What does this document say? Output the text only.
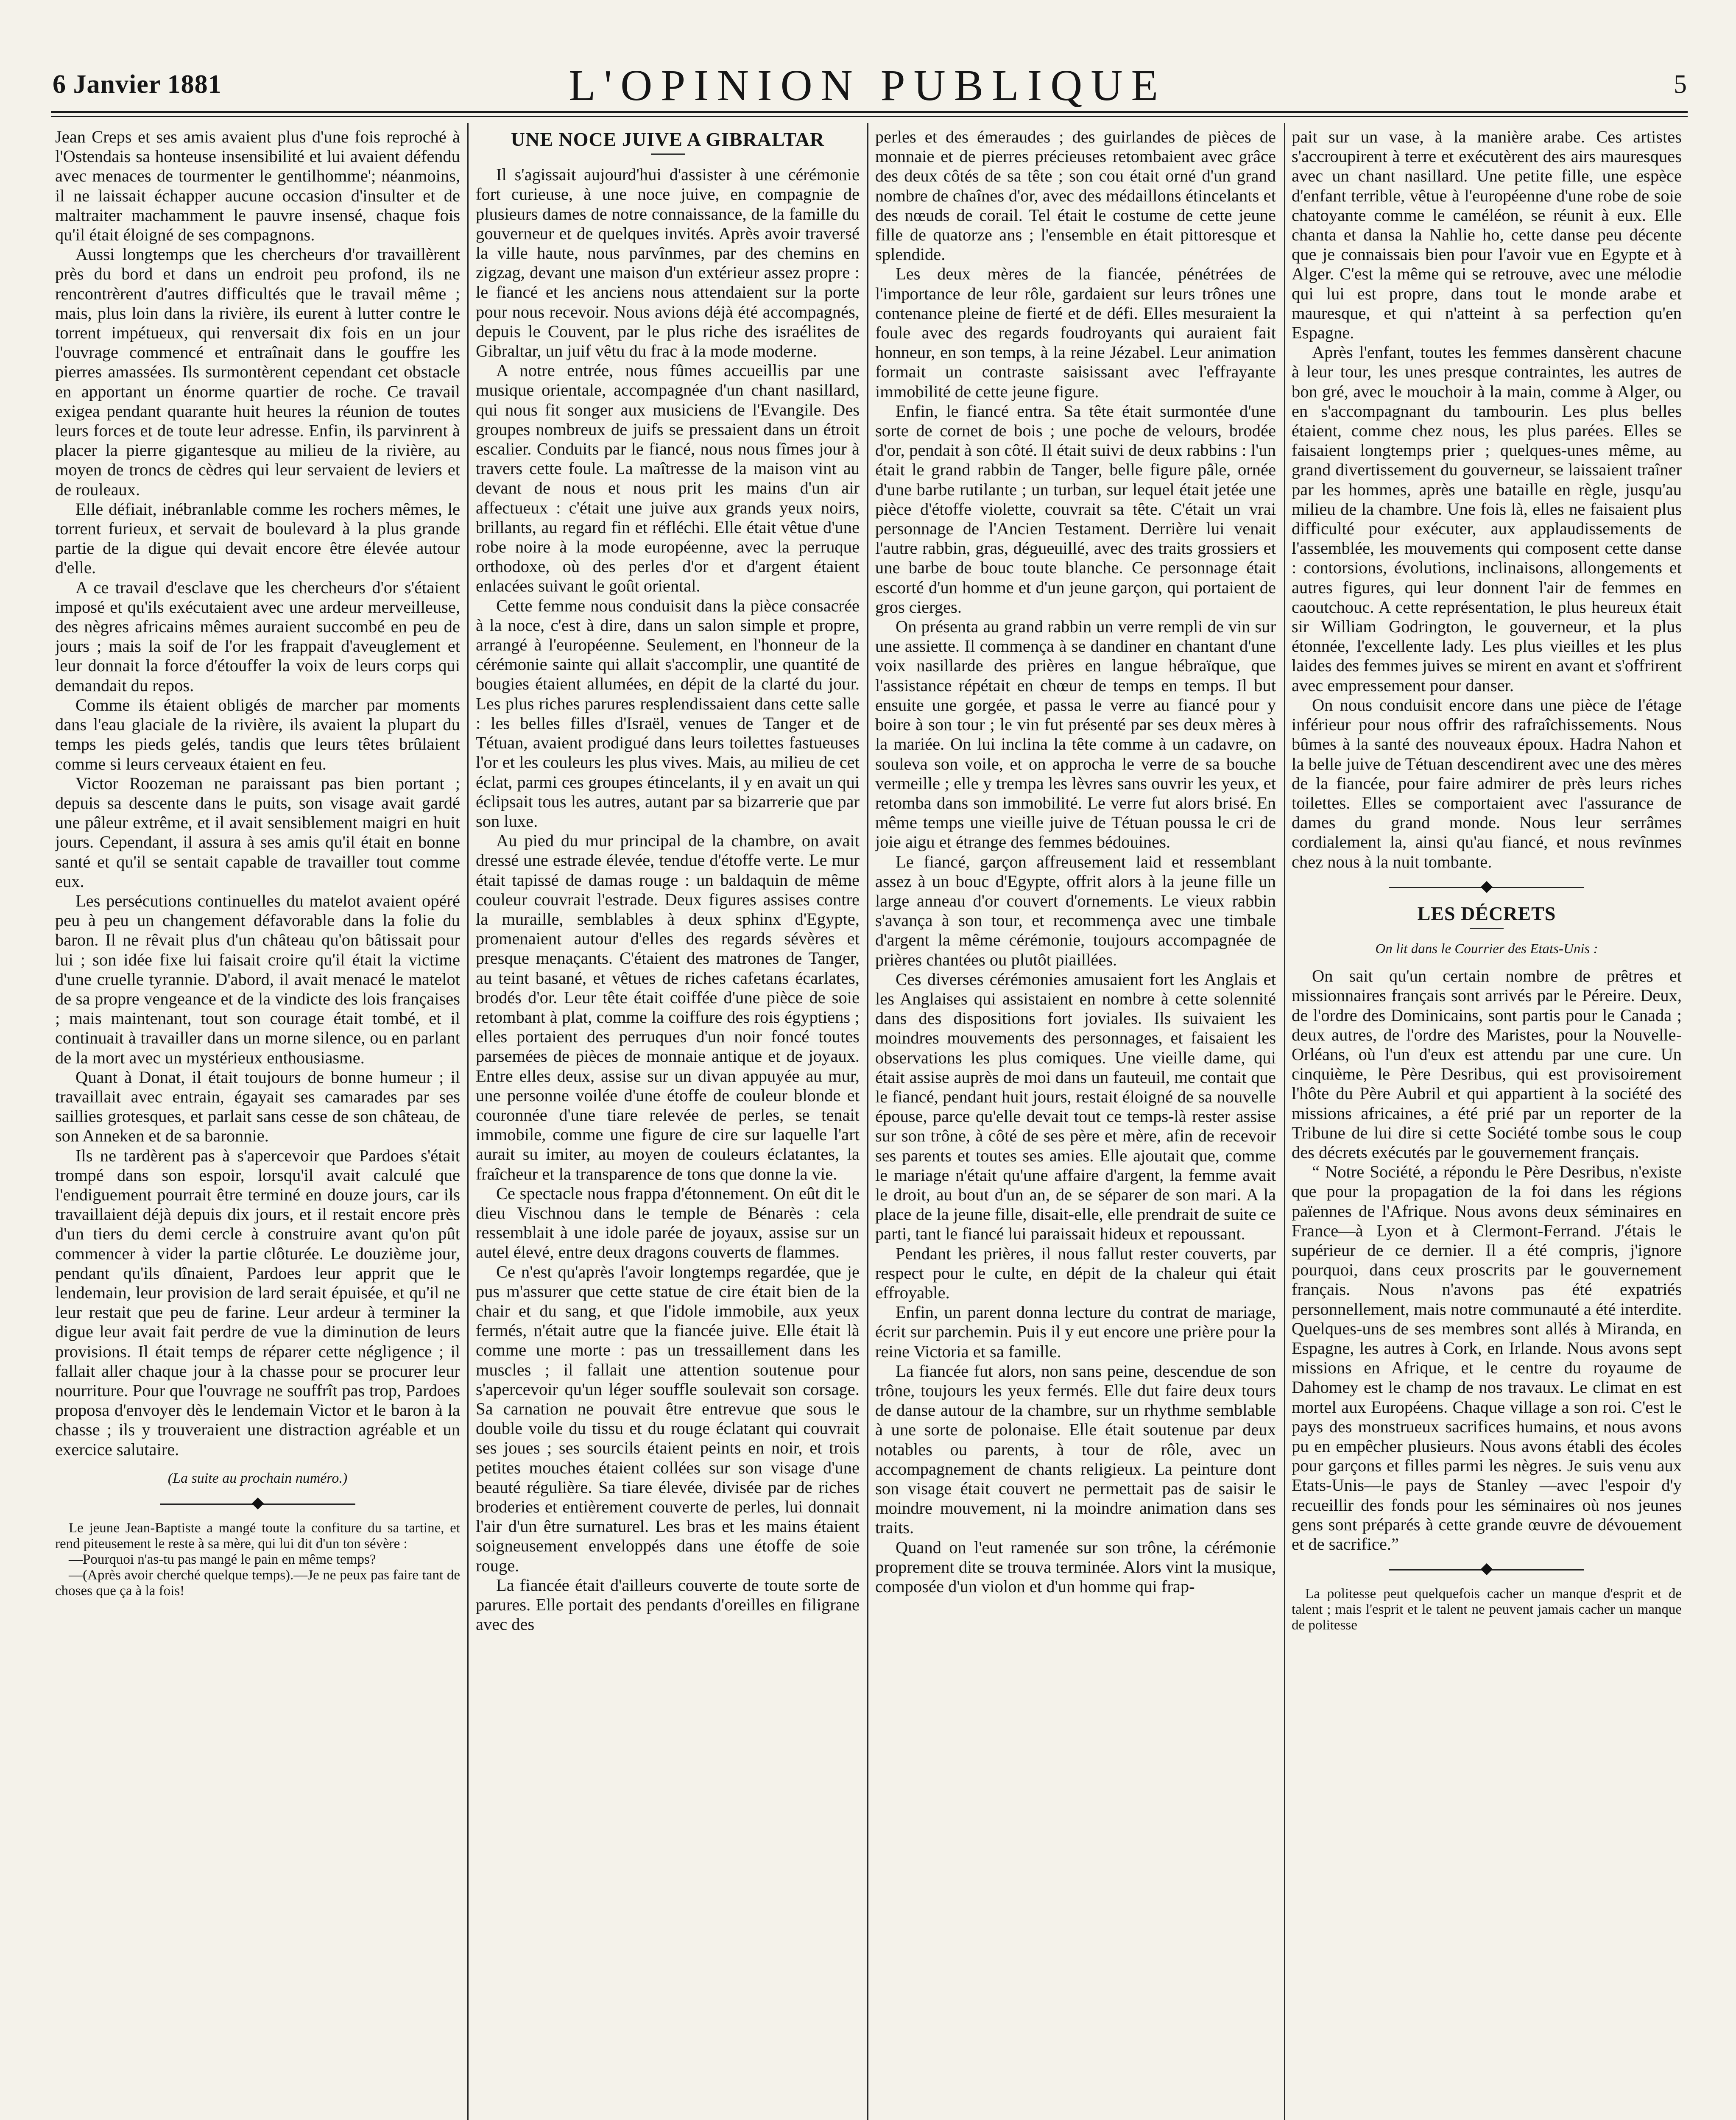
6 Janvier 1881	L'OPINION PUBLIQUE	5

Jean Creps et ses amis avaient plus d'une fois reproché à l'Ostendais sa honteuse insensibilité et lui avaient défendu avec menaces de tourmenter le gentilhomme'; néanmoins, il ne laissait échapper aucune occasion d'insulter et de maltraiter machamment le pauvre insensé, chaque fois qu'il était éloigné de ses compagnons.

Aussi longtemps que les chercheurs d'or travaillèrent près du bord et dans un endroit peu profond, ils ne rencontrèrent d'autres difficultés que le travail même ; mais, plus loin dans la rivière, ils eurent à lutter contre le torrent impétueux, qui renversait dix fois en un jour l'ouvrage commencé et entraînait dans le gouffre les pierres amassées. Ils surmontèrent cependant cet obstacle en apportant un énorme quartier de roche. Ce travail exigea pendant quarante huit heures la réunion de toutes leurs forces et de toute leur adresse. Enfin, ils parvinrent à placer la pierre gigantesque au milieu de la rivière, au moyen de troncs de cèdres qui leur servaient de leviers et de rouleaux.

Elle défiait, inébranlable comme les rochers mêmes, le torrent furieux, et servait de boulevard à la plus grande partie de la digue qui devait encore être élevée autour d'elle.

A ce travail d'esclave que les chercheurs d'or s'étaient imposé et qu'ils exécutaient avec une ardeur merveilleuse, des nègres africains mêmes auraient succombé en peu de jours ; mais la soif de l'or les frappait d'aveuglement et leur donnait la force d'étouffer la voix de leurs corps qui demandait du repos.

Comme ils étaient obligés de marcher par moments dans l'eau glaciale de la rivière, ils avaient la plupart du temps les pieds gelés, tandis que leurs têtes brûlaient comme si leurs cerveaux étaient en feu.

Victor Roozeman ne paraissant pas bien portant ; depuis sa descente dans le puits, son visage avait gardé une pâleur extrême, et il avait sensiblement maigri en huit jours. Cependant, il assura à ses amis qu'il était en bonne santé et qu'il se sentait capable de travailler tout comme eux.

Les persécutions continuelles du matelot avaient opéré peu à peu un changement défavorable dans la folie du baron. Il ne rêvait plus d'un château qu'on bâtissait pour lui ; son idée fixe lui faisait croire qu'il était la victime d'une cruelle tyrannie. D'abord, il avait menacé le matelot de sa propre vengeance et de la vindicte des lois françaises ; mais maintenant, tout son courage était tombé, et il continuait à travailler dans un morne silence, ou en parlant de la mort avec un mystérieux enthousiasme.

Quant à Donat, il était toujours de bonne humeur ; il travaillait avec entrain, égayait ses camarades par ses saillies grotesques, et parlait sans cesse de son château, de son Anneken et de sa baronnie.

Ils ne tardèrent pas à s'apercevoir que Pardoes s'était trompé dans son espoir, lorsqu'il avait calculé que l'endiguement pourrait être terminé en douze jours, car ils travaillaient déjà depuis dix jours, et il restait encore près d'un tiers du demi cercle à construire avant qu'on pût commencer à vider la partie clôturée. Le douzième jour, pendant qu'ils dînaient, Pardoes leur apprit que le lendemain, leur provision de lard serait épuisée, et qu'il ne leur restait que peu de farine. Leur ardeur à terminer la digue leur avait fait perdre de vue la diminution de leurs provisions. Il était temps de réparer cette négligence ; il fallait aller chaque jour à la chasse pour se procurer leur nourriture. Pour que l'ouvrage ne souffrît pas trop, Pardoes proposa d'envoyer dès le lendemain Victor et le baron à la chasse ; ils y trouveraient une distraction agréable et un exercice salutaire.

(La suite au prochain numéro.)

Le jeune Jean-Baptiste a mangé toute la confiture du sa tartine, et rend piteusement le reste à sa mère, qui lui dit d'un ton sévère :

—Pourquoi n'as-tu pas mangé le pain en même temps?

—(Après avoir cherché quelque temps).—Je ne peux pas faire tant de choses que ça à la fois!

UNE NOCE JUIVE A GIBRALTAR

Il s'agissait aujourd'hui d'assister à une cérémonie fort curieuse, à une noce juive, en compagnie de plusieurs dames de notre connaissance, de la famille du gouverneur et de quelques invités. Après avoir traversé la ville haute, nous parvînmes, par des chemins en zigzag, devant une maison d'un extérieur assez propre : le fiancé et les anciens nous attendaient sur la porte pour nous recevoir. Nous avions déjà été accompagnés, depuis le Couvent, par le plus riche des israélites de Gibraltar, un juif vêtu du frac à la mode moderne.

A notre entrée, nous fûmes accueillis par une musique orientale, accompagnée d'un chant nasillard, qui nous fit songer aux musiciens de l'Evangile. Des groupes nombreux de juifs se pressaient dans un étroit escalier. Conduits par le fiancé, nous nous fîmes jour à travers cette foule. La maîtresse de la maison vint au devant de nous et nous prit les mains d'un air affectueux : c'était une juive aux grands yeux noirs, brillants, au regard fin et réfléchi. Elle était vêtue d'une robe noire à la mode européenne, avec la perruque orthodoxe, où des perles d'or et d'argent étaient enlacées suivant le goût oriental.

Cette femme nous conduisit dans la pièce consacrée à la noce, c'est à dire, dans un salon simple et propre, arrangé à l'européenne. Seulement, en l'honneur de la cérémonie sainte qui allait s'accomplir, une quantité de bougies étaient allumées, en dépit de la clarté du jour. Les plus riches parures resplendissaient dans cette salle : les belles filles d'Israël, venues de Tanger et de Tétuan, avaient prodigué dans leurs toilettes fastueuses l'or et les couleurs les plus vives. Mais, au milieu de cet éclat, parmi ces groupes étincelants, il y en avait un qui éclipsait tous les autres, autant par sa bizarrerie que par son luxe.

Au pied du mur principal de la chambre, on avait dressé une estrade élevée, tendue d'étoffe verte. Le mur était tapissé de damas rouge : un baldaquin de même couleur couvrait l'estrade. Deux figures assises contre la muraille, semblables à deux sphinx d'Egypte, promenaient autour d'elles des regards sévères et presque menaçants. C'étaient des matrones de Tanger, au teint basané, et vêtues de riches cafetans écarlates, brodés d'or. Leur tête était coiffée d'une pièce de soie retombant à plat, comme la coiffure des rois égyptiens ; elles portaient des perruques d'un noir foncé toutes parsemées de pièces de monnaie antique et de joyaux. Entre elles deux, assise sur un divan appuyée au mur, une personne voilée d'une étoffe de couleur blonde et couronnée d'une tiare relevée de perles, se tenait immobile, comme une figure de cire sur laquelle l'art aurait su imiter, au moyen de couleurs éclatantes, la fraîcheur et la transparence de tons que donne la vie.

Ce spectacle nous frappa d'étonnement. On eût dit le dieu Vischnou dans le temple de Bénarès : cela ressemblait à une idole parée de joyaux, assise sur un autel élevé, entre deux dragons couverts de flammes.

Ce n'est qu'après l'avoir longtemps regardée, que je pus m'assurer que cette statue de cire était bien de la chair et du sang, et que l'idole immobile, aux yeux fermés, n'était autre que la fiancée juive. Elle était là comme une morte : pas un tressaillement dans les muscles ; il fallait une attention soutenue pour s'apercevoir qu'un léger souffle soulevait son corsage. Sa carnation ne pouvait être entrevue que sous le double voile du tissu et du rouge éclatant qui couvrait ses joues ; ses sourcils étaient peints en noir, et trois petites mouches étaient collées sur son visage d'une beauté régulière. Sa tiare élevée, divisée par de riches broderies et entièrement couverte de perles, lui donnait l'air d'un être surnaturel. Les bras et les mains étaient soigneusement enveloppés dans une étoffe de soie rouge.

La fiancée était d'ailleurs couverte de toute sorte de parures. Elle portait des pendants d'oreilles en filigrane avec des

perles et des émeraudes ; des guirlandes de pièces de monnaie et de pierres précieuses retombaient avec grâce des deux côtés de sa tête ; son cou était orné d'un grand nombre de chaînes d'or, avec des médaillons étincelants et des nœuds de corail. Tel était le costume de cette jeune fille de quatorze ans ; l'ensemble en était pittoresque et splendide.

Les deux mères de la fiancée, pénétrées de l'importance de leur rôle, gardaient sur leurs trônes une contenance pleine de fierté et de défi. Elles mesuraient la foule avec des regards foudroyants qui auraient fait honneur, en son temps, à la reine Jézabel. Leur animation formait un contraste saisissant avec l'effrayante immobilité de cette jeune figure.

Enfin, le fiancé entra. Sa tête était surmontée d'une sorte de cornet de bois ; une poche de velours, brodée d'or, pendait à son côté. Il était suivi de deux rabbins : l'un était le grand rabbin de Tanger, belle figure pâle, ornée d'une barbe rutilante ; un turban, sur lequel était jetée une pièce d'étoffe violette, couvrait sa tête. C'était un vrai personnage de l'Ancien Testament. Derrière lui venait l'autre rabbin, gras, dégueuillé, avec des traits grossiers et une barbe de bouc toute blanche. Ce personnage était escorté d'un homme et d'un jeune garçon, qui portaient de gros cierges.

On présenta au grand rabbin un verre rempli de vin sur une assiette. Il commença à se dandiner en chantant d'une voix nasillarde des prières en langue hébraïque, que l'assistance répétait en chœur de temps en temps. Il but ensuite une gorgée, et passa le verre au fiancé pour y boire à son tour ; le vin fut présenté par ses deux mères à la mariée. On lui inclina la tête comme à un cadavre, on souleva son voile, et on approcha le verre de sa bouche vermeille ; elle y trempa les lèvres sans ouvrir les yeux, et retomba dans son immobilité. Le verre fut alors brisé. En même temps une vieille juive de Tétuan poussa le cri de joie aigu et étrange des femmes bédouines.

Le fiancé, garçon affreusement laid et ressemblant assez à un bouc d'Egypte, offrit alors à la jeune fille un large anneau d'or couvert d'ornements. Le vieux rabbin s'avança à son tour, et recommença avec une timbale d'argent la même cérémonie, toujours accompagnée de prières chantées ou plutôt piaillées.

Ces diverses cérémonies amusaient fort les Anglais et les Anglaises qui assistaient en nombre à cette solennité dans des dispositions fort joviales. Ils suivaient les moindres mouvements des personnages, et faisaient les observations les plus comiques. Une vieille dame, qui était assise auprès de moi dans un fauteuil, me contait que le fiancé, pendant huit jours, restait éloigné de sa nouvelle épouse, parce qu'elle devait tout ce temps-là rester assise sur son trône, à côté de ses père et mère, afin de recevoir ses parents et toutes ses amies. Elle ajoutait que, comme le mariage n'était qu'une affaire d'argent, la femme avait le droit, au bout d'un an, de se séparer de son mari. A la place de la jeune fille, disait-elle, elle prendrait de suite ce parti, tant le fiancé lui paraissait hideux et repoussant.

Pendant les prières, il nous fallut rester couverts, par respect pour le culte, en dépit de la chaleur qui était effroyable.

Enfin, un parent donna lecture du contrat de mariage, écrit sur parchemin. Puis il y eut encore une prière pour la reine Victoria et sa famille.

La fiancée fut alors, non sans peine, descendue de son trône, toujours les yeux fermés. Elle dut faire deux tours de danse autour de la chambre, sur un rhythme semblable à une sorte de polonaise. Elle était soutenue par deux notables ou parents, à tour de rôle, avec un accompagnement de chants religieux. La peinture dont son visage était couvert ne permettait pas de saisir le moindre mouvement, ni la moindre animation dans ses traits.

Quand on l'eut ramenée sur son trône, la cérémonie proprement dite se trouva terminée. Alors vint la musique, composée d'un violon et d'un homme qui frap-

pait sur un vase, à la manière arabe. Ces artistes s'accroupirent à terre et exécutèrent des airs mauresques avec un chant nasillard. Une petite fille, une espèce d'enfant terrible, vêtue à l'européenne d'une robe de soie chatoyante comme le caméléon, se réunit à eux. Elle chanta et dansa la Nahlie ho, cette danse peu décente que je connaissais bien pour l'avoir vue en Egypte et à Alger. C'est la même qui se retrouve, avec une mélodie qui lui est propre, dans tout le monde arabe et mauresque, et qui n'atteint à sa perfection qu'en Espagne.

Après l'enfant, toutes les femmes dansèrent chacune à leur tour, les unes presque contraintes, les autres de bon gré, avec le mouchoir à la main, comme à Alger, ou en s'accompagnant du tambourin. Les plus belles étaient, comme chez nous, les plus parées. Elles se faisaient longtemps prier ; quelques-unes même, au grand divertissement du gouverneur, se laissaient traîner par les hommes, après une bataille en règle, jusqu'au milieu de la chambre. Une fois là, elles ne faisaient plus difficulté pour exécuter, aux applaudissements de l'assemblée, les mouvements qui composent cette danse : contorsions, évolutions, inclinaisons, allongements et autres figures, qui leur donnent l'air de femmes en caoutchouc. A cette représentation, le plus heureux était sir William Godrington, le gouverneur, et la plus étonnée, l'excellente lady. Les plus vieilles et les plus laides des femmes juives se mirent en avant et s'offrirent avec empressement pour danser.

On nous conduisit encore dans une pièce de l'étage inférieur pour nous offrir des rafraîchissements. Nous bûmes à la santé des nouveaux époux. Hadra Nahon et la belle juive de Tétuan descendirent avec une des mères de la fiancée, pour faire admirer de près leurs riches toilettes. Elles se comportaient avec l'assurance de dames du grand monde. Nous leur serrâmes cordialement la, ainsi qu'au fiancé, et nous revînmes chez nous à la nuit tombante.

LES DÉCRETS
On lit dans le Courrier des Etats-Unis :

On sait qu'un certain nombre de prêtres et missionnaires français sont arrivés par le Péreire. Deux, de l'ordre des Dominicains, sont partis pour le Canada ; deux autres, de l'ordre des Maristes, pour la Nouvelle-Orléans, où l'un d'eux est attendu par une cure. Un cinquième, le Père Desribus, qui est provisoirement l'hôte du Père Aubril et qui appartient à la société des missions africaines, a été prié par un reporter de la Tribune de lui dire si cette Société tombe sous le coup des décrets exécutés par le gouvernement français.

“ Notre Société, a répondu le Père Desribus, n'existe que pour la propagation de la foi dans les régions païennes de l'Afrique. Nous avons deux séminaires en France—à Lyon et à Clermont-Ferrand. J'étais le supérieur de ce dernier. Il a été compris, j'ignore pourquoi, dans ceux proscrits par le gouvernement français. Nous n'avons pas été expatriés personnellement, mais notre communauté a été interdite. Quelques-uns de ses membres sont allés à Miranda, en Espagne, les autres à Cork, en Irlande. Nous avons sept missions en Afrique, et le centre du royaume de Dahomey est le champ de nos travaux. Le climat en est mortel aux Européens. Chaque village a son roi. C'est le pays des monstrueux sacrifices humains, et nous avons pu en empêcher plusieurs. Nous avons établi des écoles pour garçons et filles parmi les nègres. Je suis venu aux Etats-Unis—le pays de Stanley —avec l'espoir d'y recueillir des fonds pour les séminaires où nos jeunes gens sont préparés à cette grande œuvre de dévouement et de sacrifice.”

La politesse peut quelquefois cacher un manque d'esprit et de talent ; mais l'esprit et le talent ne peuvent jamais cacher un manque de politesse
